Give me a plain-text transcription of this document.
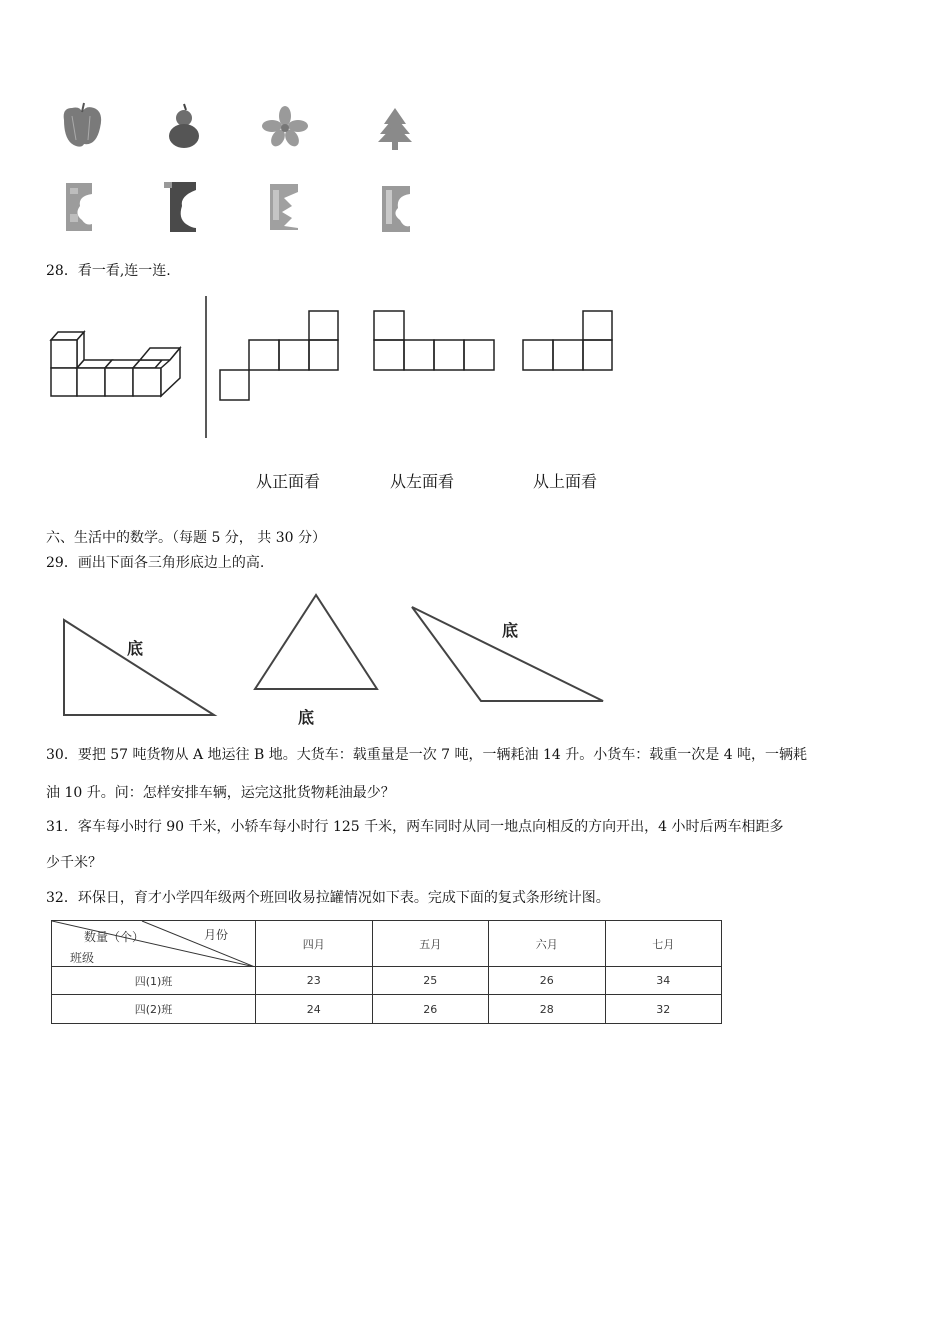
28．看一看,连一连.
从正面看	从左面看	从上面看
六、生活中的数学。（每题 5 分， 共 30 分）
29．画出下面各三角形底边上的高.
底
底
底
30．要把 57 吨货物从 A 地运往 B 地。大货车：载重量是一次 7 吨，一辆耗油 14 升。小货车：载重一次是 4 吨，一辆耗
油 10 升。问：怎样安排车辆，运完这批货物耗油最少？
31．客车每小时行 90 千米，小轿车每小时行 125 千米，两车同时从同一地点向相反的方向开出，4 小时后两车相距多
少千米？
32．环保日，育才小学四年级两个班回收易拉罐情况如下表。完成下面的复式条形统计图。
数量（个） 月份
班级	四月	五月	六月	七月
四(1)班	23	25	26	34
四(2)班	24	26	28	32
